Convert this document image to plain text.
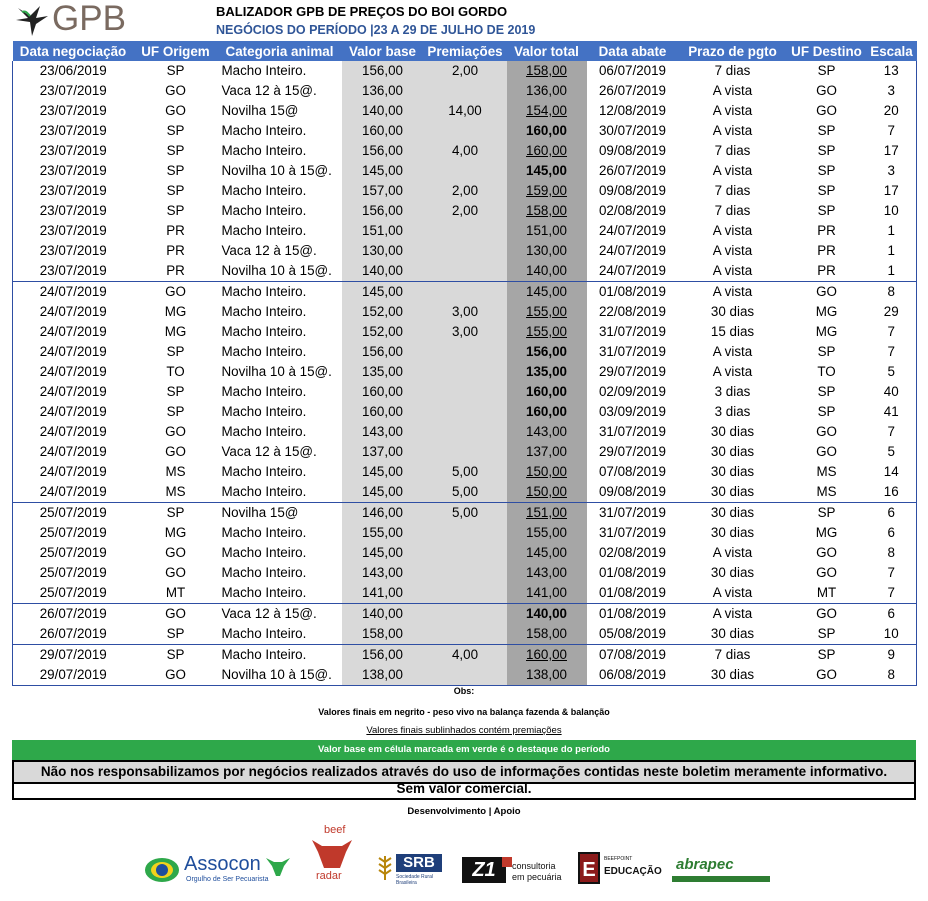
GPB	BALIZADOR GPB DE PREÇOS DO BOI GORDO
NEGÓCIOS DO PERÍODO |23 A 29 DE JULHO DE 2019
Data negociação	UF Origem	Categoria animal	Valor base	Premiações	Valor total	Data abate	Prazo de pgto	UF Destino	Escala
23/06/2019	SP	Macho Inteiro.	156,00	2,00	158,00	06/07/2019	7 dias	SP	13
23/07/2019	GO	Vaca 12 à 15@.	136,00		136,00	26/07/2019	A vista	GO	3
23/07/2019	GO	Novilha 15@	140,00	14,00	154,00	12/08/2019	A vista	GO	20
23/07/2019	SP	Macho Inteiro.	160,00		160,00	30/07/2019	A vista	SP	7
23/07/2019	SP	Macho Inteiro.	156,00	4,00	160,00	09/08/2019	7 dias	SP	17
23/07/2019	SP	Novilha 10 à 15@.	145,00		145,00	26/07/2019	A vista	SP	3
23/07/2019	SP	Macho Inteiro.	157,00	2,00	159,00	09/08/2019	7 dias	SP	17
23/07/2019	SP	Macho Inteiro.	156,00	2,00	158,00	02/08/2019	7 dias	SP	10
23/07/2019	PR	Macho Inteiro.	151,00		151,00	24/07/2019	A vista	PR	1
23/07/2019	PR	Vaca 12 à 15@.	130,00		130,00	24/07/2019	A vista	PR	1
23/07/2019	PR	Novilha 10 à 15@.	140,00		140,00	24/07/2019	A vista	PR	1
24/07/2019	GO	Macho Inteiro.	145,00		145,00	01/08/2019	A vista	GO	8
24/07/2019	MG	Macho Inteiro.	152,00	3,00	155,00	22/08/2019	30 dias	MG	29
24/07/2019	MG	Macho Inteiro.	152,00	3,00	155,00	31/07/2019	15 dias	MG	7
24/07/2019	SP	Macho Inteiro.	156,00		156,00	31/07/2019	A vista	SP	7
24/07/2019	TO	Novilha 10 à 15@.	135,00		135,00	29/07/2019	A vista	TO	5
24/07/2019	SP	Macho Inteiro.	160,00		160,00	02/09/2019	3 dias	SP	40
24/07/2019	SP	Macho Inteiro.	160,00		160,00	03/09/2019	3 dias	SP	41
24/07/2019	GO	Macho Inteiro.	143,00		143,00	31/07/2019	30 dias	GO	7
24/07/2019	GO	Vaca 12 à 15@.	137,00		137,00	29/07/2019	30 dias	GO	5
24/07/2019	MS	Macho Inteiro.	145,00	5,00	150,00	07/08/2019	30 dias	MS	14
24/07/2019	MS	Macho Inteiro.	145,00	5,00	150,00	09/08/2019	30 dias	MS	16
25/07/2019	SP	Novilha 15@	146,00	5,00	151,00	31/07/2019	30 dias	SP	6
25/07/2019	MG	Macho Inteiro.	155,00		155,00	31/07/2019	30 dias	MG	6
25/07/2019	GO	Macho Inteiro.	145,00		145,00	02/08/2019	A vista	GO	8
25/07/2019	GO	Macho Inteiro.	143,00		143,00	01/08/2019	30 dias	GO	7
25/07/2019	MT	Macho Inteiro.	141,00		141,00	01/08/2019	A vista	MT	7
26/07/2019	GO	Vaca 12 à 15@.	140,00		140,00	01/08/2019	A vista	GO	6
26/07/2019	SP	Macho Inteiro.	158,00		158,00	05/08/2019	30 dias	SP	10
29/07/2019	SP	Macho Inteiro.	156,00	4,00	160,00	07/08/2019	7 dias	SP	9
29/07/2019	GO	Novilha 10 à 15@.	138,00		138,00	06/08/2019	30 dias	GO	8
Obs:
Valores finais em negrito - peso vivo na balança fazenda & balanção
Valores finais sublinhados contém premiações
Valor base em célula marcada em verde é o destaque do período
Não nos responsabilizamos por negócios realizados através do uso de informações contidas neste boletim meramente informativo.
Sem valor comercial.
Desenvolvimento | Apoio
Assocon
Orgulho de Ser Pecuarista
beef
radar
SRB
Sociedade Rural Brasileira
Z1	consultoria
em pecuária E	BEEFPOINT
EDUCAÇÃO abrapec
